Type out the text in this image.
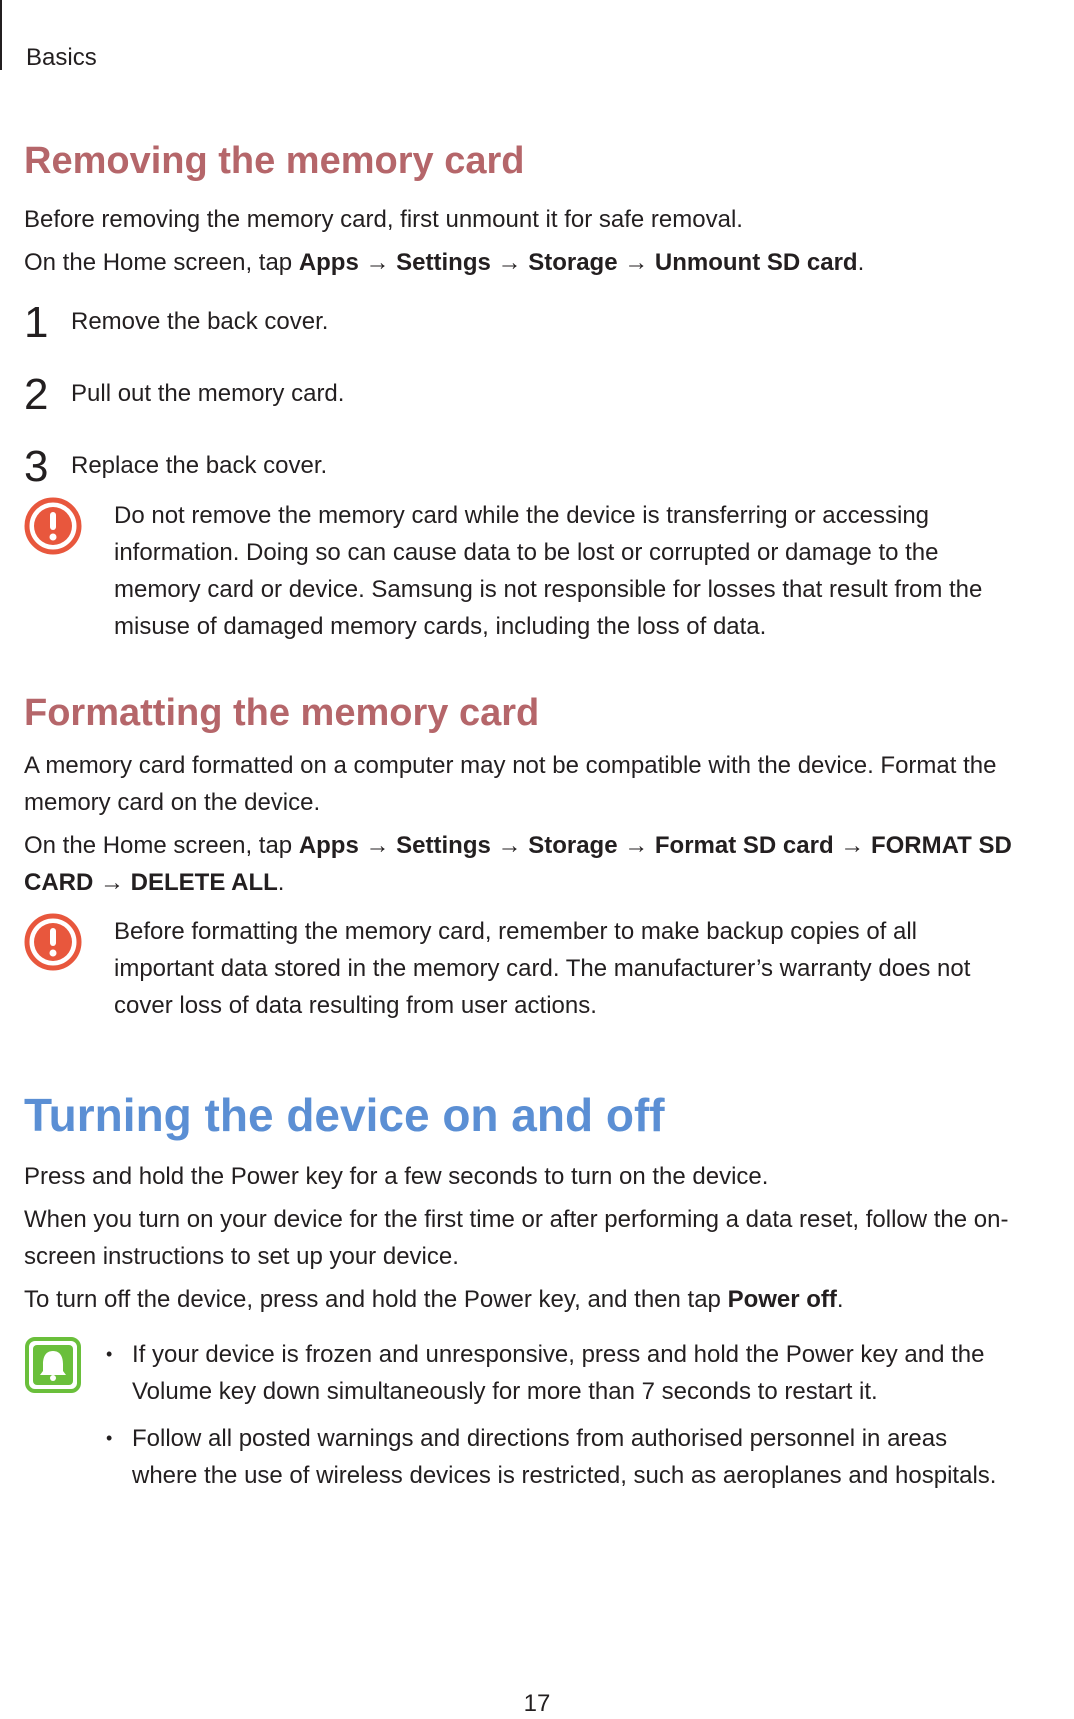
Basics
Removing the memory card

Before removing the memory card, first unmount it for safe removal.

On the Home screen, tap Apps → Settings → Storage → Unmount SD card.

1 Remove the back cover.
2 Pull out the memory card.
3 Replace the back cover.

Do not remove the memory card while the device is transferring or accessing

information. Doing so can cause data to be lost or corrupted or damage to the

memory card or device. Samsung is not responsible for losses that result from the

misuse of damaged memory cards, including the loss of data.

Formatting the memory card

A memory card formatted on a computer may not be compatible with the device. Format the

memory card on the device.

On the Home screen, tap Apps → Settings → Storage → Format SD card → FORMAT SD

CARD → DELETE ALL.

Before formatting the memory card, remember to make backup copies of all

important data stored in the memory card. The manufacturer’s warranty does not

cover loss of data resulting from user actions.

Turning the device on and off

Press and hold the Power key for a few seconds to turn on the device.

When you turn on your device for the first time or after performing a data reset, follow the on-

screen instructions to set up your device.

To turn off the device, press and hold the Power key, and then tap Power off.

• If your device is frozen and unresponsive, press and hold the Power key and the
Volume key down simultaneously for more than 7 seconds to restart it.
• Follow all posted warnings and directions from authorised personnel in areas
where the use of wireless devices is restricted, such as aeroplanes and hospitals.
17
